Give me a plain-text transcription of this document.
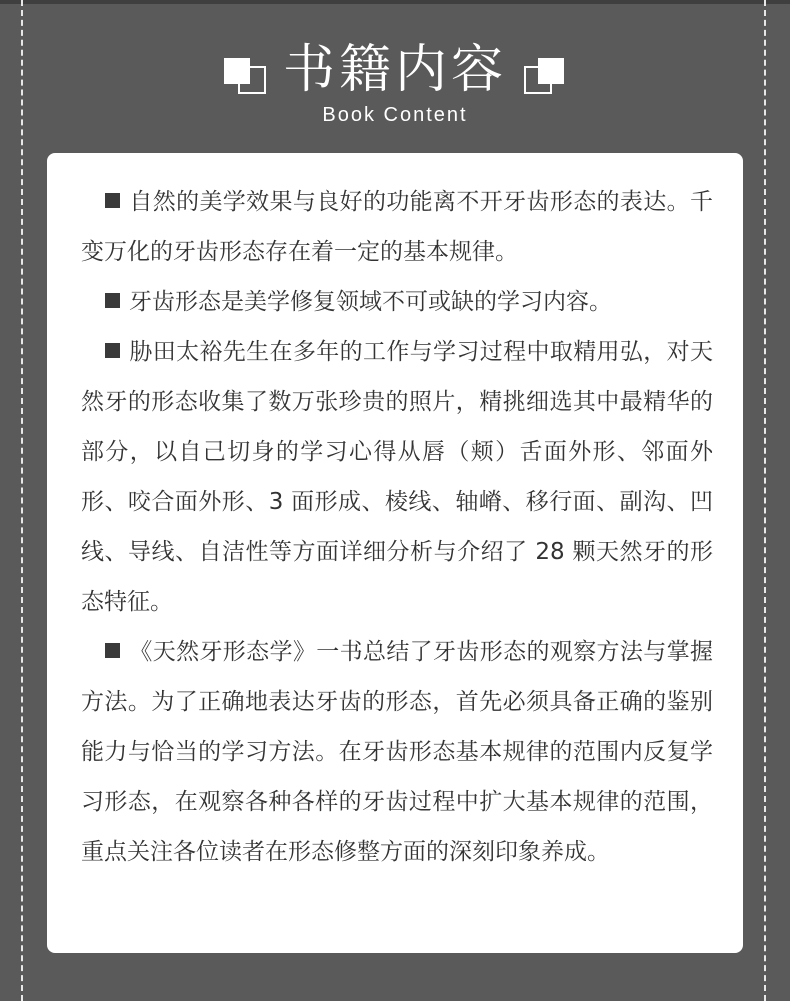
书籍内容
Book Content

自然的美学效果与良好的功能离不开牙齿形态的表达。千变万化的牙齿形态存在着一定的基本规律。

牙齿形态是美学修复领域不可或缺的学习内容。

胁田太裕先生在多年的工作与学习过程中取精用弘，对天然牙的形态收集了数万张珍贵的照片，精挑细选其中最精华的部分，以自己切身的学习心得从唇（颊）舌面外形、邻面外形、咬合面外形、3 面形成、棱线、轴嵴、移行面、副沟、凹线、导线、自洁性等方面详细分析与介绍了 28 颗天然牙的形态特征。

《天然牙形态学》一书总结了牙齿形态的观察方法与掌握方法。为了正确地表达牙齿的形态，首先必须具备正确的鉴别能力与恰当的学习方法。在牙齿形态基本规律的范围内反复学习形态，在观察各种各样的牙齿过程中扩大基本规律的范围，重点关注各位读者在形态修整方面的深刻印象养成。
